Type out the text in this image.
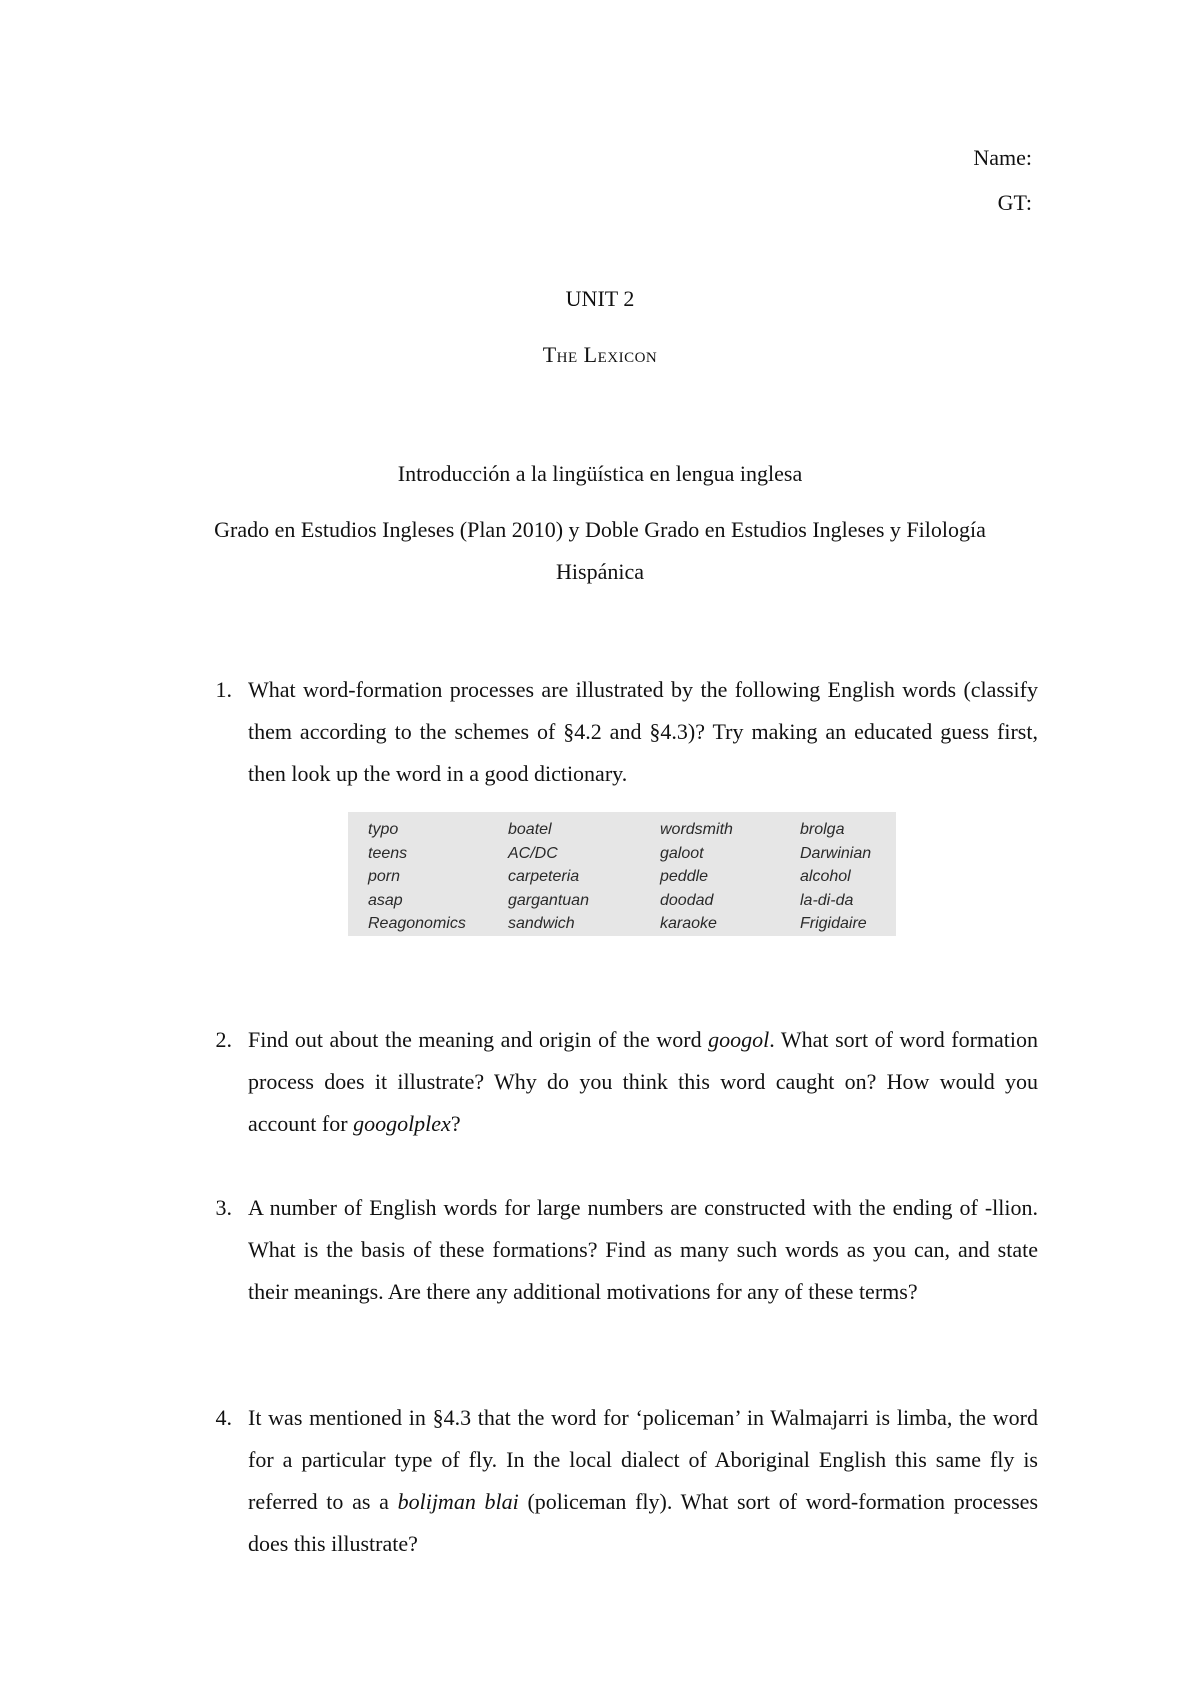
Name:
GT:
UNIT 2
The Lexicon
Introducción a la lingüística en lengua inglesa
Grado en Estudios Ingleses (Plan 2010) y Doble Grado en Estudios Ingleses y Filología
Hispánica
1. What word-formation processes are illustrated by the following English words (classify them according to the schemes of §4.2 and §4.3)? Try making an educated guess first, then look up the word in a good dictionary.
typo
teens
porn
asap
Reagonomics
boatel
AC/DC
carpeteria
gargantuan
sandwich
wordsmith
galoot
peddle
doodad
karaoke
brolga
Darwinian
alcohol
la-di-da
Frigidaire
2. Find out about the meaning and origin of the word googol. What sort of word formation process does it illustrate? Why do you think this word caught on? How would you account for googolplex?
3. A number of English words for large numbers are constructed with the ending of -llion. What is the basis of these formations? Find as many such words as you can, and state their meanings. Are there any additional motivations for any of these terms?
4. It was mentioned in §4.3 that the word for ‘policeman’ in Walmajarri is limba, the word for a particular type of fly. In the local dialect of Aboriginal English this same fly is referred to as a bolijman blai (policeman fly). What sort of word-formation processes does this illustrate?
